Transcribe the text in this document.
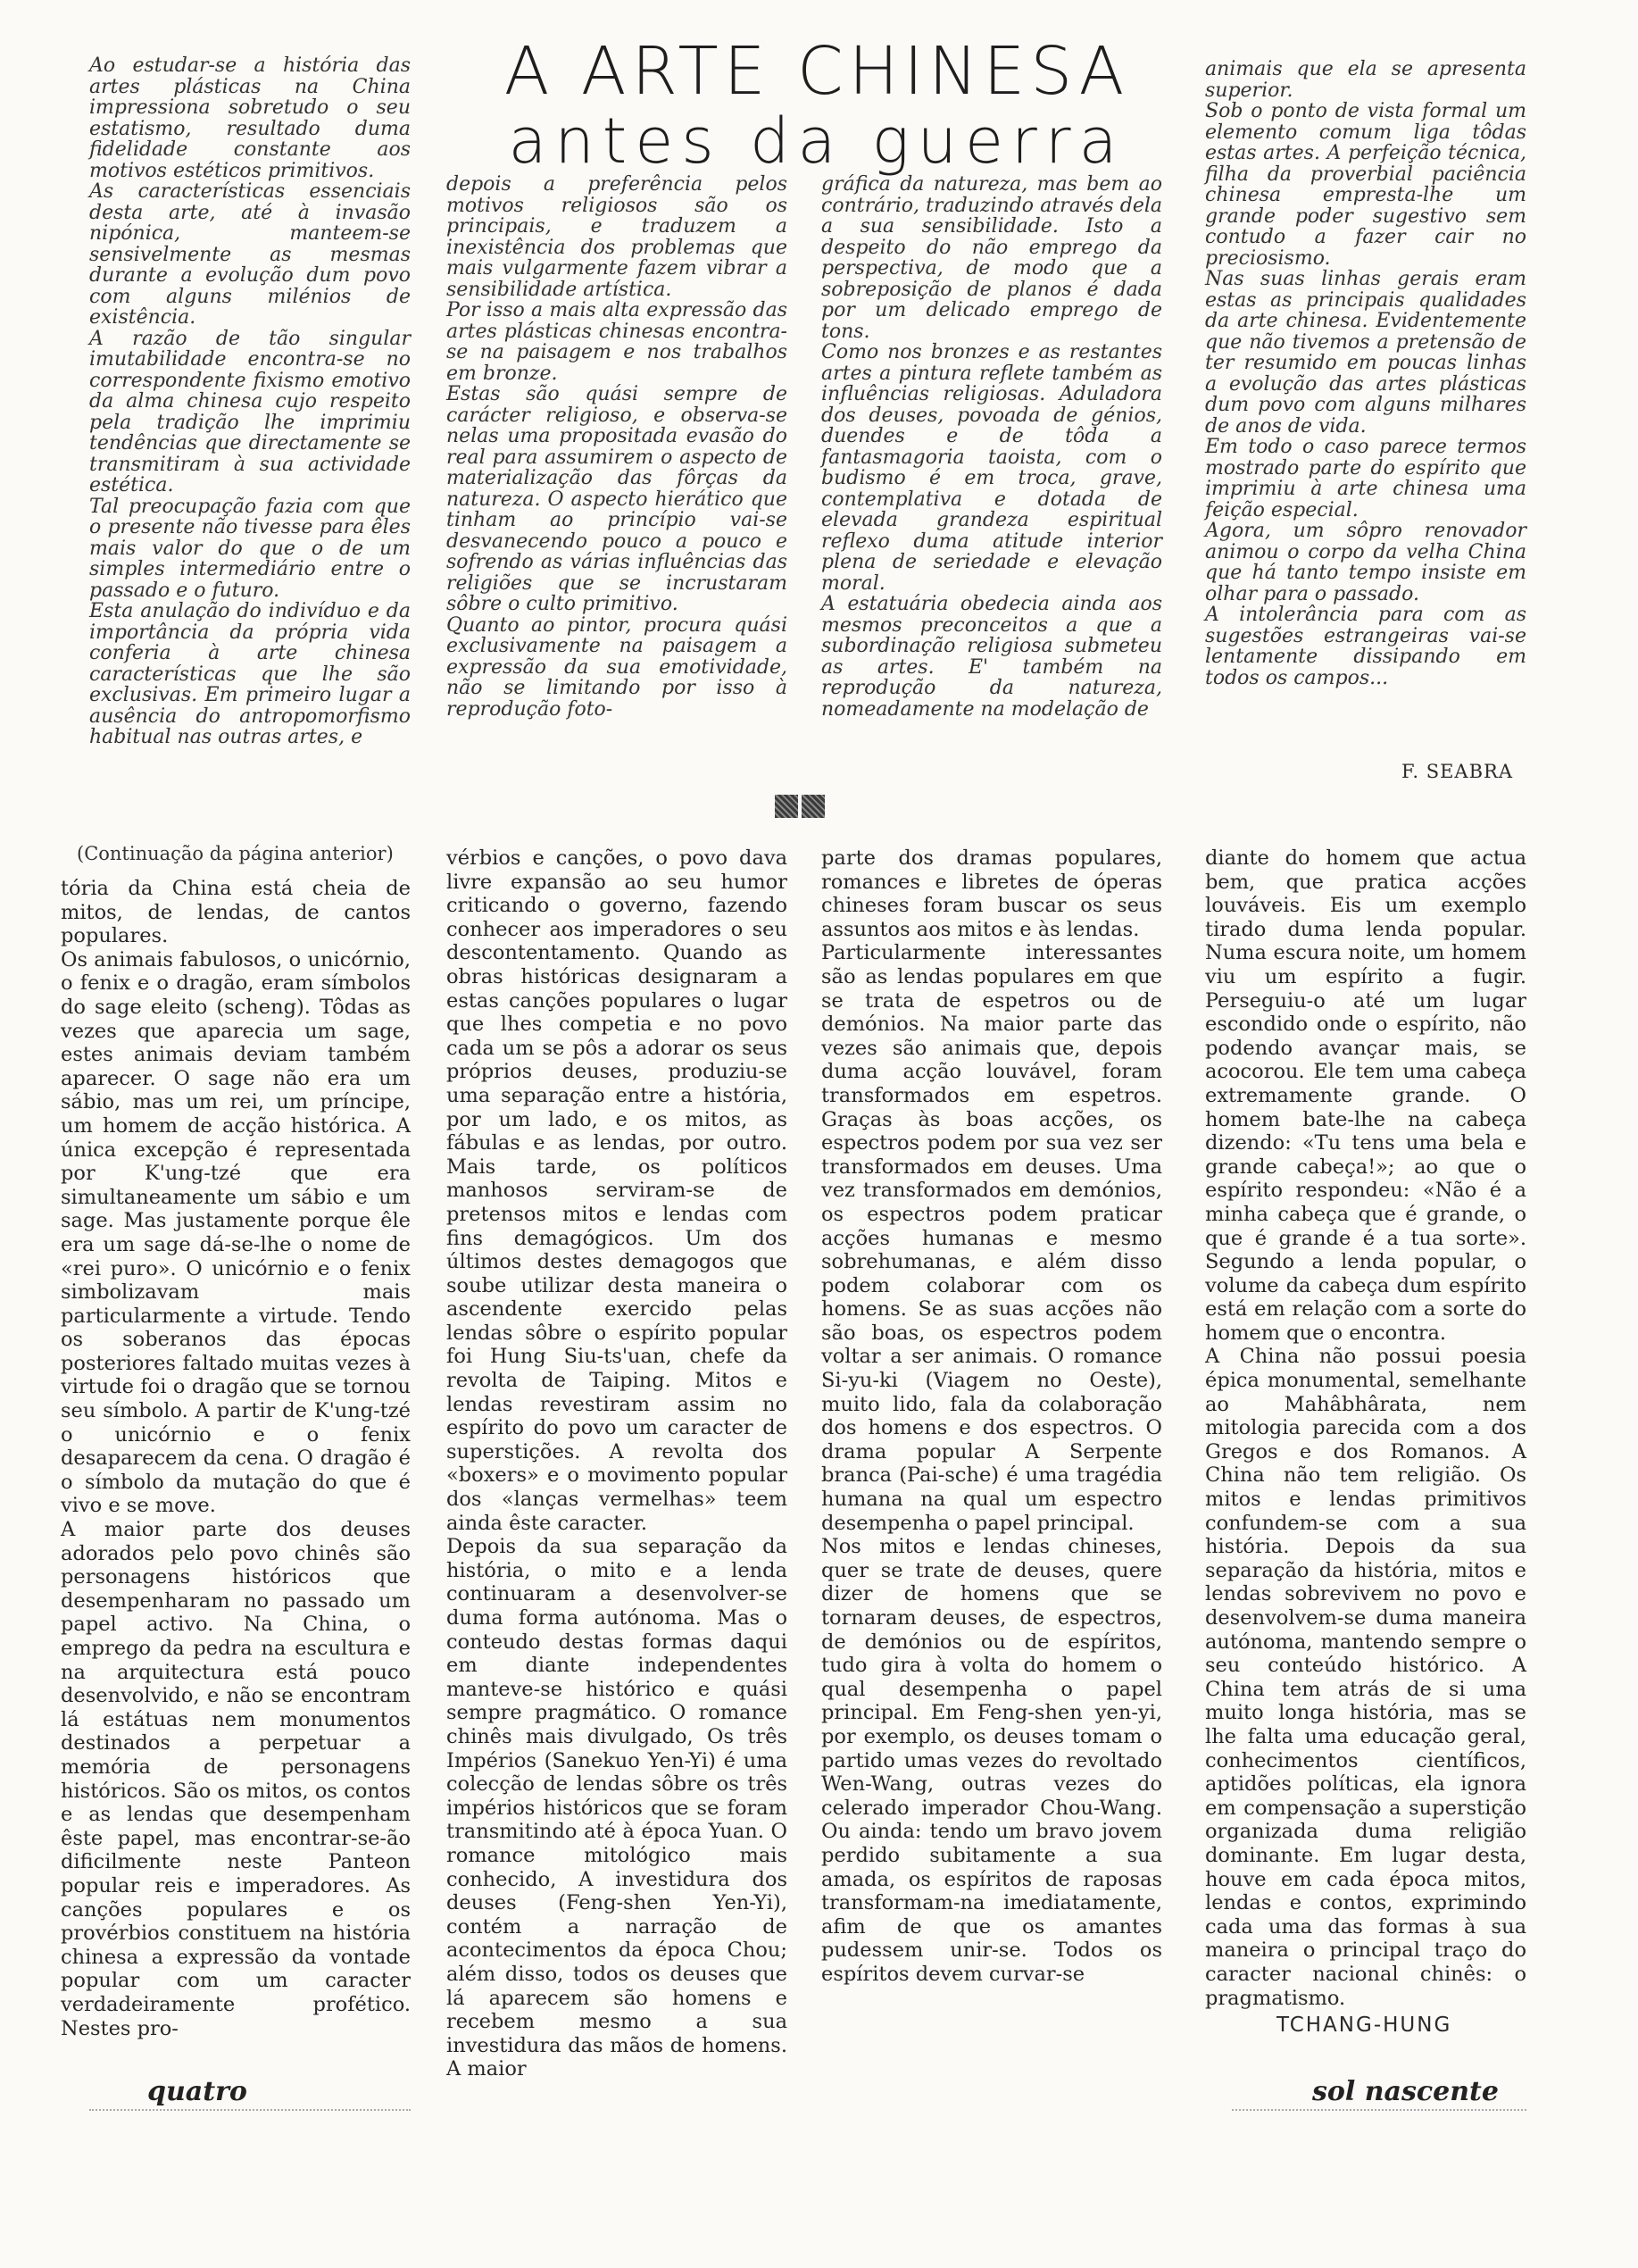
A ARTE CHINESA
antes da guerra

Ao estudar-se a história das artes plásticas na China impressiona sobretudo o seu estatismo, resultado duma fidelidade constante aos motivos estéticos primitivos.
As características essenciais desta arte, até à invasão nipónica, manteem-se sensivelmente as mesmas durante a evolução dum povo com alguns milénios de existência.
A razão de tão singular imutabilidade encontra-se no correspondente fixismo emotivo da alma chinesa cujo respeito pela tradição lhe imprimiu tendências que directamente se transmitiram à sua actividade estética.
Tal preocupação fazia com que o presente não tivesse para êles mais valor do que o de um simples intermediário entre o passado e o futuro.
Esta anulação do indivíduo e da importância da própria vida conferia à arte chinesa características que lhe são exclusivas. Em primeiro lugar a ausência do antropomorfismo habitual nas outras artes, e

depois a preferência pelos motivos religiosos são os principais, e traduzem a inexistência dos problemas que mais vulgarmente fazem vibrar a sensibilidade artística.
Por isso a mais alta expressão das artes plásticas chinesas encontra-se na paisagem e nos trabalhos em bronze.
Estas são quási sempre de carácter religioso, e observa-se nelas uma propositada evasão do real para assumirem o aspecto de materialização das fôrças da natureza. O aspecto hierático que tinham ao princípio vai-se desvanecendo pouco a pouco e sofrendo as várias influências das religiões que se incrustaram sôbre o culto primitivo.
Quanto ao pintor, procura quási exclusivamente na paisagem a expressão da sua emotividade, não se limitando por isso à reprodução foto-

gráfica da natureza, mas bem ao contrário, traduzindo através dela a sua sensibilidade. Isto a despeito do não emprego da perspectiva, de modo que a sobreposição de planos é dada por um delicado emprego de tons.
Como nos bronzes e as restantes artes a pintura reflete também as influências religiosas. Aduladora dos deuses, povoada de génios, duendes e de tôda a fantasmagoria taoista, com o budismo é em troca, grave, contemplativa e dotada de elevada grandeza espiritual reflexo duma atitude interior plena de seriedade e elevação moral.
A estatuária obedecia ainda aos mesmos preconceitos a que a subordinação religiosa submeteu as artes. E' também na reprodução da natureza, nomeadamente na modelação de

animais que ela se apresenta superior.
Sob o ponto de vista formal um elemento comum liga tôdas estas artes. A perfeição técnica, filha da proverbial paciência chinesa empresta-lhe um grande poder sugestivo sem contudo a fazer cair no preciosismo.
Nas suas linhas gerais eram estas as principais qualidades da arte chinesa. Evidentemente que não tivemos a pretensão de ter resumido em poucas linhas a evolução das artes plásticas dum povo com alguns milhares de anos de vida.
Em todo o caso parece termos mostrado parte do espírito que imprimiu à arte chinesa uma feição especial.
Agora, um sôpro renovador animou o corpo da velha China que há tanto tempo insiste em olhar para o passado.
A intolerância para com as sugestões estrangeiras vai-se lentamente dissipando em todos os campos...

F. SEABRA
(Continuação da página anterior)

tória da China está cheia de mitos, de lendas, de cantos populares.
Os animais fabulosos, o unicórnio, o fenix e o dragão, eram símbolos do sage eleito (scheng). Tôdas as vezes que aparecia um sage, estes animais deviam também aparecer. O sage não era um sábio, mas um rei, um príncipe, um homem de acção histórica. A única excepção é representada por K'ung-tzé que era simultaneamente um sábio e um sage. Mas justamente porque êle era um sage dá-se-lhe o nome de «rei puro». O unicórnio e o fenix simbolizavam mais particularmente a virtude. Tendo os soberanos das épocas posteriores faltado muitas vezes à virtude foi o dragão que se tornou seu símbolo. A partir de K'ung-tzé o unicórnio e o fenix desaparecem da cena. O dragão é o símbolo da mutação do que é vivo e se move.
A maior parte dos deuses adorados pelo povo chinês são personagens históricos que desempenharam no passado um papel activo. Na China, o emprego da pedra na escultura e na arquitectura está pouco desenvolvido, e não se encontram lá estátuas nem monumentos destinados a perpetuar a memória de personagens históricos. São os mitos, os contos e as lendas que desempenham êste papel, mas encontrar-se-ão dificilmente neste Panteon popular reis e imperadores. As canções populares e os provérbios constituem na história chinesa a expressão da vontade popular com um caracter verdadeiramente profético. Nestes pro-

vérbios e canções, o povo dava livre expansão ao seu humor criticando o governo, fazendo conhecer aos imperadores o seu descontentamento. Quando as obras históricas designaram a estas canções populares o lugar que lhes competia e no povo cada um se pôs a adorar os seus próprios deuses, produziu-se uma separação entre a história, por um lado, e os mitos, as fábulas e as lendas, por outro. Mais tarde, os políticos manhosos serviram-se de pretensos mitos e lendas com fins demagógicos. Um dos últimos destes demagogos que soube utilizar desta maneira o ascendente exercido pelas lendas sôbre o espírito popular foi Hung Siu-ts'uan, chefe da revolta de Taiping. Mitos e lendas revestiram assim no espírito do povo um caracter de superstições. A revolta dos «boxers» e o movimento popular dos «lanças vermelhas» teem ainda êste caracter.
Depois da sua separação da história, o mito e a lenda continuaram a desenvolver-se duma forma autónoma. Mas o conteudo destas formas daqui em diante independentes manteve-se histórico e quási sempre pragmático. O romance chinês mais divulgado, Os três Impérios (Sanekuo Yen-Yi) é uma colecção de lendas sôbre os três impérios históricos que se foram transmitindo até à época Yuan. O romance mitológico mais conhecido, A investidura dos deuses (Feng-shen Yen-Yi), contém a narração de acontecimentos da época Chou; além disso, todos os deuses que lá aparecem são homens e recebem mesmo a sua investidura das mãos de homens. A maior

parte dos dramas populares, romances e libretes de óperas chineses foram buscar os seus assuntos aos mitos e às lendas.
Particularmente interessantes são as lendas populares em que se trata de espetros ou de demónios. Na maior parte das vezes são animais que, depois duma acção louvável, foram transformados em espetros. Graças às boas acções, os espectros podem por sua vez ser transformados em deuses. Uma vez transformados em demónios, os espectros podem praticar acções humanas e mesmo sobrehumanas, e além disso podem colaborar com os homens. Se as suas acções não são boas, os espectros podem voltar a ser animais. O romance Si-yu-ki (Viagem no Oeste), muito lido, fala da colaboração dos homens e dos espectros. O drama popular A Serpente branca (Pai-sche) é uma tragédia humana na qual um espectro desempenha o papel principal.
Nos mitos e lendas chineses, quer se trate de deuses, quere dizer de homens que se tornaram deuses, de espectros, de demónios ou de espíritos, tudo gira à volta do homem o qual desempenha o papel principal. Em Feng-shen yen-yi, por exemplo, os deuses tomam o partido umas vezes do revoltado Wen-Wang, outras vezes do celerado imperador Chou-Wang. Ou ainda: tendo um bravo jovem perdido subitamente a sua amada, os espíritos de raposas transformam-na imediatamente, afim de que os amantes pudessem unir-se. Todos os espíritos devem curvar-se

diante do homem que actua bem, que pratica acções louváveis. Eis um exemplo tirado duma lenda popular. Numa escura noite, um homem viu um espírito a fugir. Perseguiu-o até um lugar escondido onde o espírito, não podendo avançar mais, se acocorou. Ele tem uma cabeça extremamente grande. O homem bate-lhe na cabeça dizendo: «Tu tens uma bela e grande cabeça!»; ao que o espírito respondeu: «Não é a minha cabeça que é grande, o que é grande é a tua sorte». Segundo a lenda popular, o volume da cabeça dum espírito está em relação com a sorte do homem que o encontra.
A China não possui poesia épica monumental, semelhante ao Mahâbhârata, nem mitologia parecida com a dos Gregos e dos Romanos. A China não tem religião. Os mitos e lendas primitivos confundem-se com a sua história. Depois da sua separação da história, mitos e lendas sobrevivem no povo e desenvolvem-se duma maneira autónoma, mantendo sempre o seu conteúdo histórico. A China tem atrás de si uma muito longa história, mas se lhe falta uma educação geral, conhecimentos científicos, aptidões políticas, ela ignora em compensação a superstição organizada duma religião dominante. Em lugar desta, houve em cada época mitos, lendas e contos, exprimindo cada uma das formas à sua maneira o principal traço do caracter nacional chinês: o pragmatismo.

TCHANG-HUNG
quatro	sol nascente
